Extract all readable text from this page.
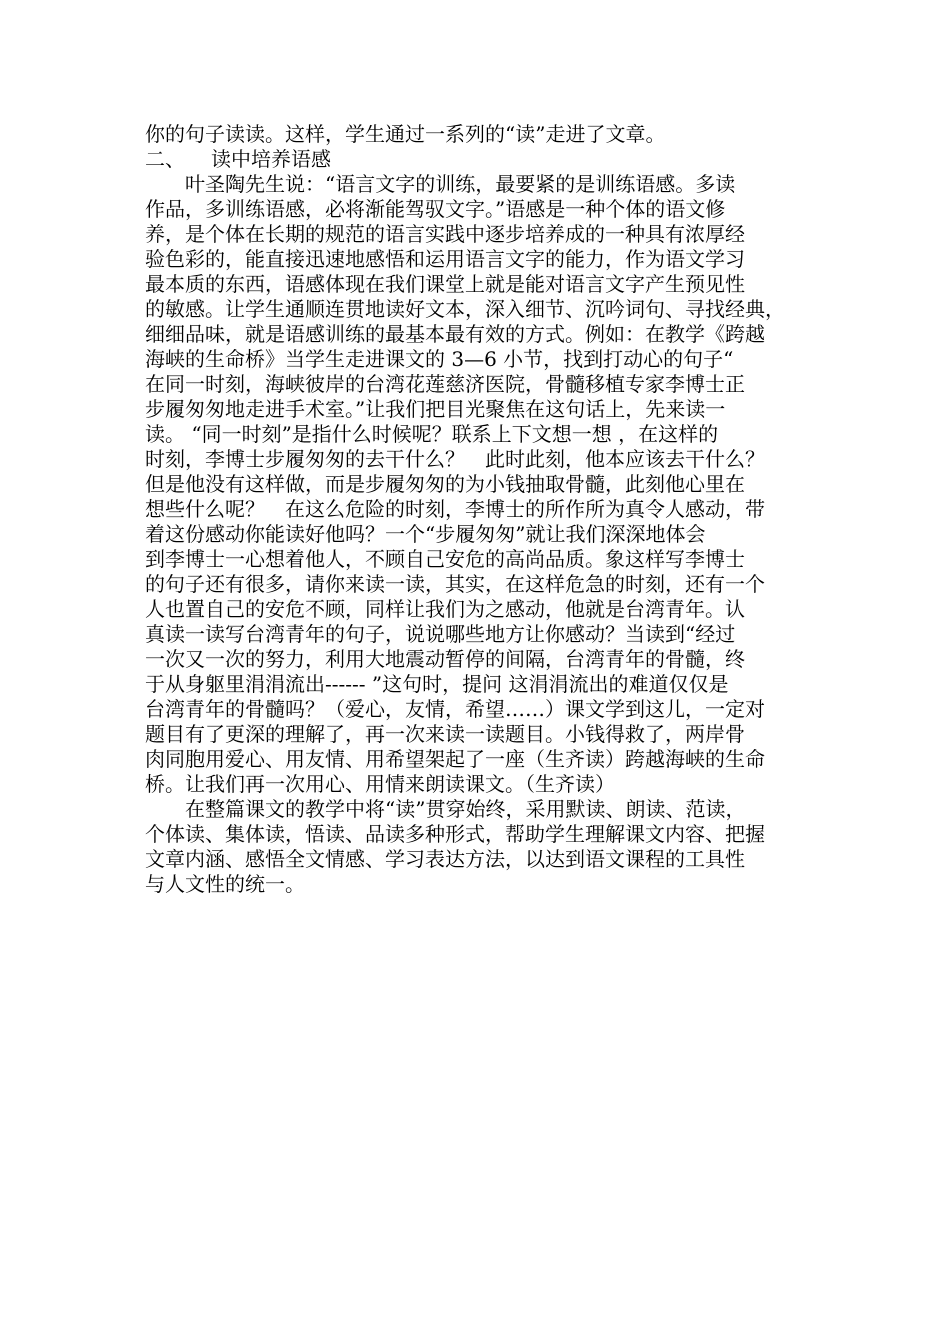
你的句子读读。这样，学生通过一系列的“读”走进了文章。
二、 读中培养语感
　　叶圣陶先生说：“语言文字的训练，最要紧的是训练语感。多读
作品，多训练语感，必将渐能驾驭文字。”语感是一种个体的语文修
养，是个体在长期的规范的语言实践中逐步培养成的一种具有浓厚经
验色彩的，能直接迅速地感悟和运用语言文字的能力，作为语文学习
最本质的东西，语感体现在我们课堂上就是能对语言文字产生预见性
的敏感。让学生通顺连贯地读好文本，深入细节、沉吟词句、寻找经典，
细细品味，就是语感训练的最基本最有效的方式。例如：在教学《跨越
海峡的生命桥》当学生走进课文的 3—6 小节，找到打动心的句子“
在同一时刻，海峡彼岸的台湾花莲慈济医院，骨髓移植专家李博士正
步履匆匆地走进手术室。”让我们把目光聚焦在这句话上，先来读一
读。 “同一时刻”是指什么时候呢？联系上下文想一想 ，在这样的
时刻，李博士步履匆匆的去干什么？　此时此刻，他本应该去干什么？
但是他没有这样做，而是步履匆匆的为小钱抽取骨髓，此刻他心里在
想些什么呢？　在这么危险的时刻，李博士的所作所为真令人感动，带
着这份感动你能读好他吗？一个“步履匆匆”就让我们深深地体会
到李博士一心想着他人，不顾自己安危的高尚品质。象这样写李博士
的句子还有很多，请你来读一读，其实，在这样危急的时刻，还有一个
人也置自己的安危不顾，同样让我们为之感动，他就是台湾青年。认
真读一读写台湾青年的句子，说说哪些地方让你感动？当读到“经过
一次又一次的努力，利用大地震动暂停的间隔，台湾青年的骨髓，终
于从身躯里涓涓流出------ ”这句时，提问 这涓涓流出的难道仅仅是
台湾青年的骨髓吗？（爱心，友情，希望……）课文学到这儿，一定对
题目有了更深的理解了，再一次来读一读题目。小钱得救了，两岸骨
肉同胞用爱心、用友情、用希望架起了一座（生齐读）跨越海峡的生命
桥。让我们再一次用心、用情来朗读课文。（生齐读）
　　在整篇课文的教学中将“读”贯穿始终，采用默读、朗读、范读，
个体读、集体读，悟读、品读多种形式，帮助学生理解课文内容、把握
文章内涵、感悟全文情感、学习表达方法，以达到语文课程的工具性
与人文性的统一。
